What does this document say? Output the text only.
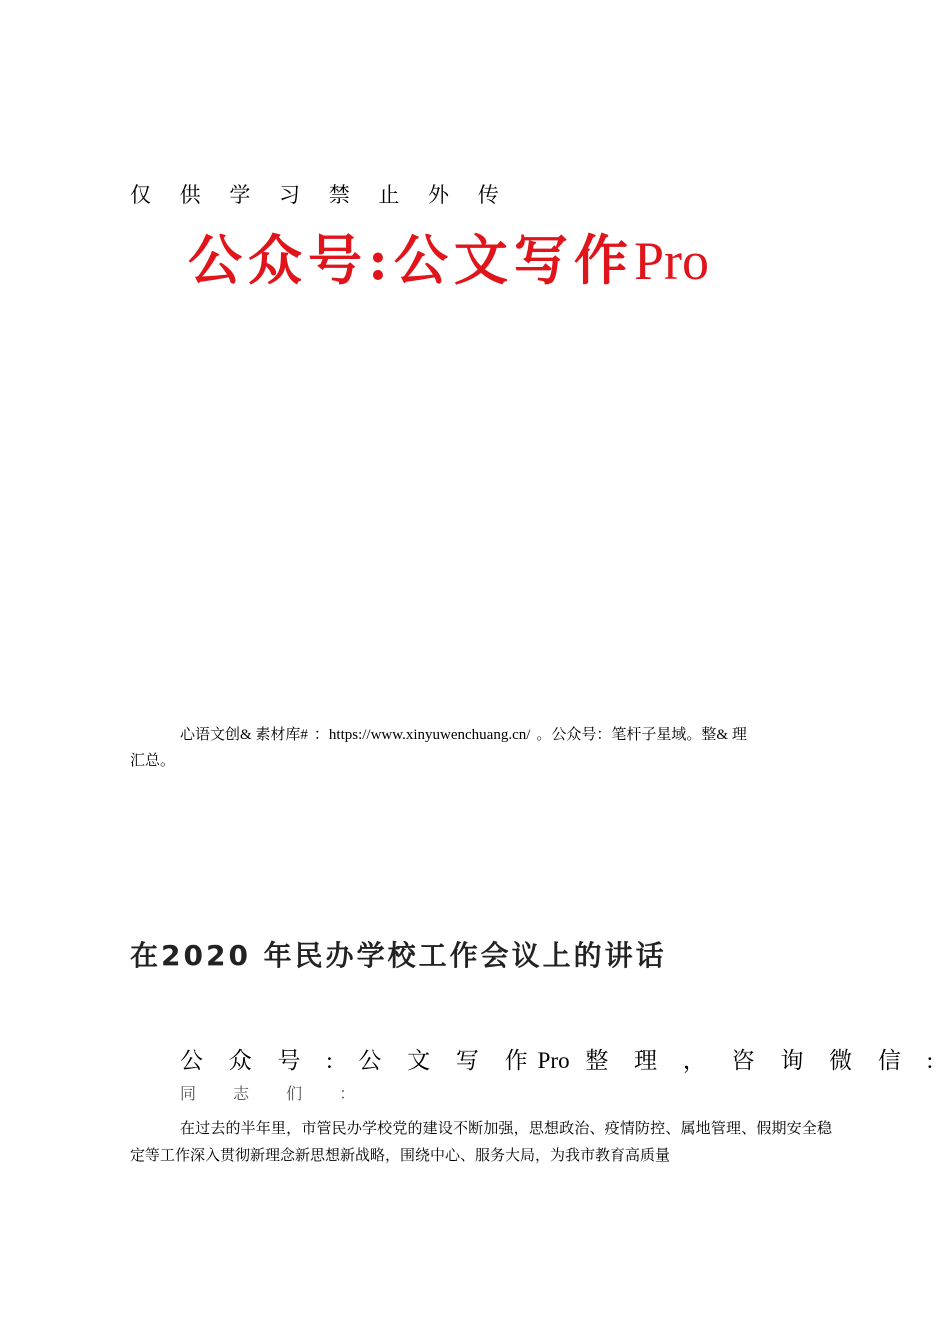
仅 供 学 习 禁 止 外 传
公众号:公文写作Pro
心语文创& 素材库# ：https://www.xinyuwenchuang.cn/ 。公众号：笔杆子星域。整& 理
汇总。
在2020 年民办学校工作会议上的讲话
公 众 号 : 公 文 写 作Pro 整 理 ， 咨 询 微 信 :
同 志 们 ：

在过去的半年里，市管民办学校党的建设不断加强，思想政治、疫情防控、属地管理、假期安全稳定等工作深入贯彻新理念新思想新战略，围绕中心、服务大局，为我市教育高质量
